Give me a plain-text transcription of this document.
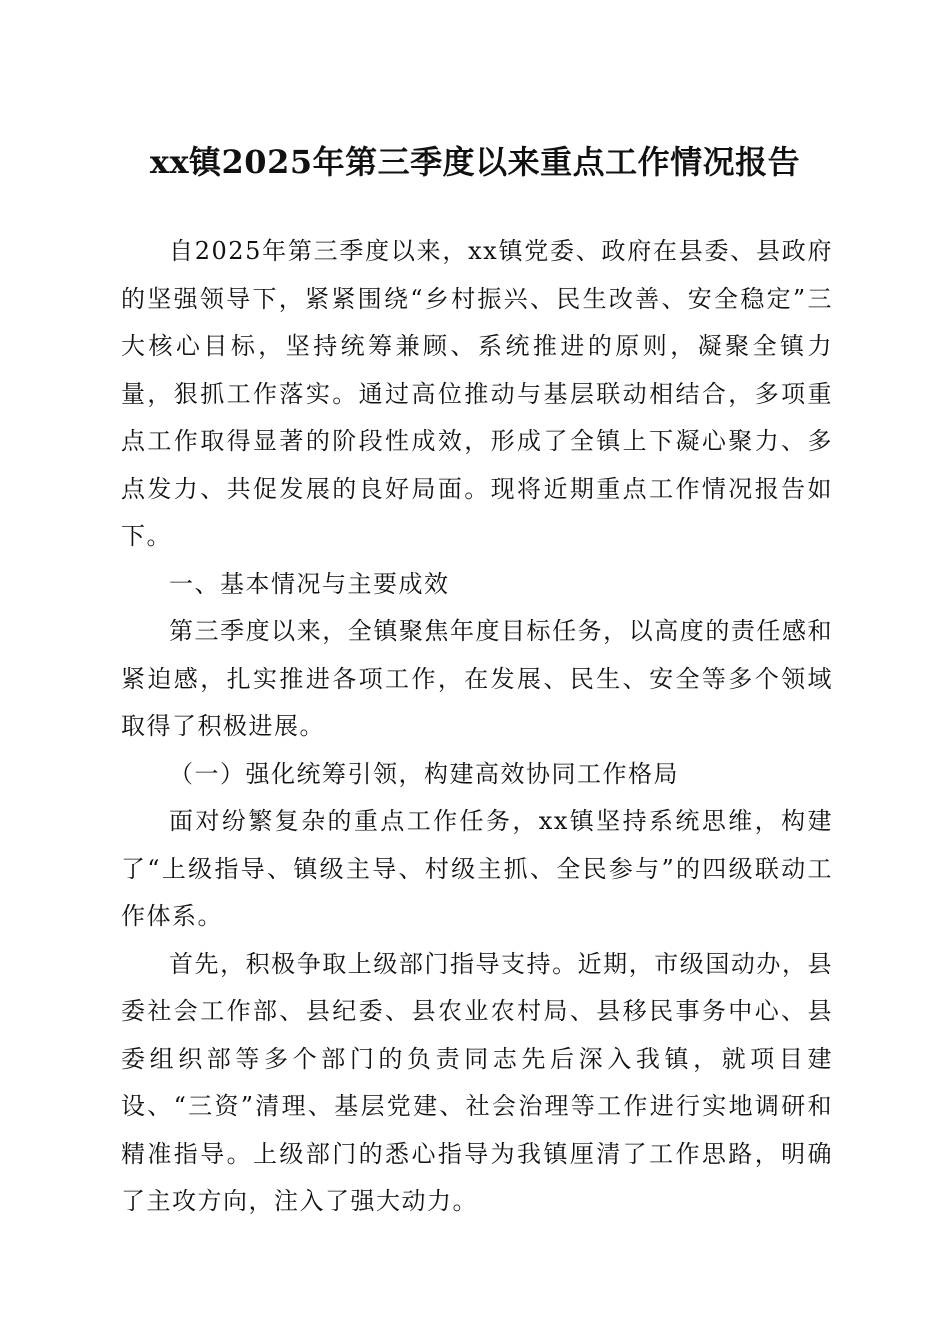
xx镇2025年第三季度以来重点工作情况报告

自2025年第三季度以来，xx镇党委、政府在县委、县政府的坚强领导下，紧紧围绕“乡村振兴、民生改善、安全稳定”三大核心目标，坚持统筹兼顾、系统推进的原则，凝聚全镇力量，狠抓工作落实。通过高位推动与基层联动相结合，多项重点工作取得显著的阶段性成效，形成了全镇上下凝心聚力、多点发力、共促发展的良好局面。现将近期重点工作情况报告如下。

一、基本情况与主要成效

第三季度以来，全镇聚焦年度目标任务，以高度的责任感和紧迫感，扎实推进各项工作，在发展、民生、安全等多个领域取得了积极进展。

（一）强化统筹引领，构建高效协同工作格局

面对纷繁复杂的重点工作任务，xx镇坚持系统思维，构建了“上级指导、镇级主导、村级主抓、全民参与”的四级联动工作体系。

首先，积极争取上级部门指导支持。近期，市级国动办，县委社会工作部、县纪委、县农业农村局、县移民事务中心、县委组织部等多个部门的负责同志先后深入我镇，就项目建设、“三资”清理、基层党建、社会治理等工作进行实地调研和精准指导。上级部门的悉心指导为我镇厘清了工作思路，明确了主攻方向，注入了强大动力。
